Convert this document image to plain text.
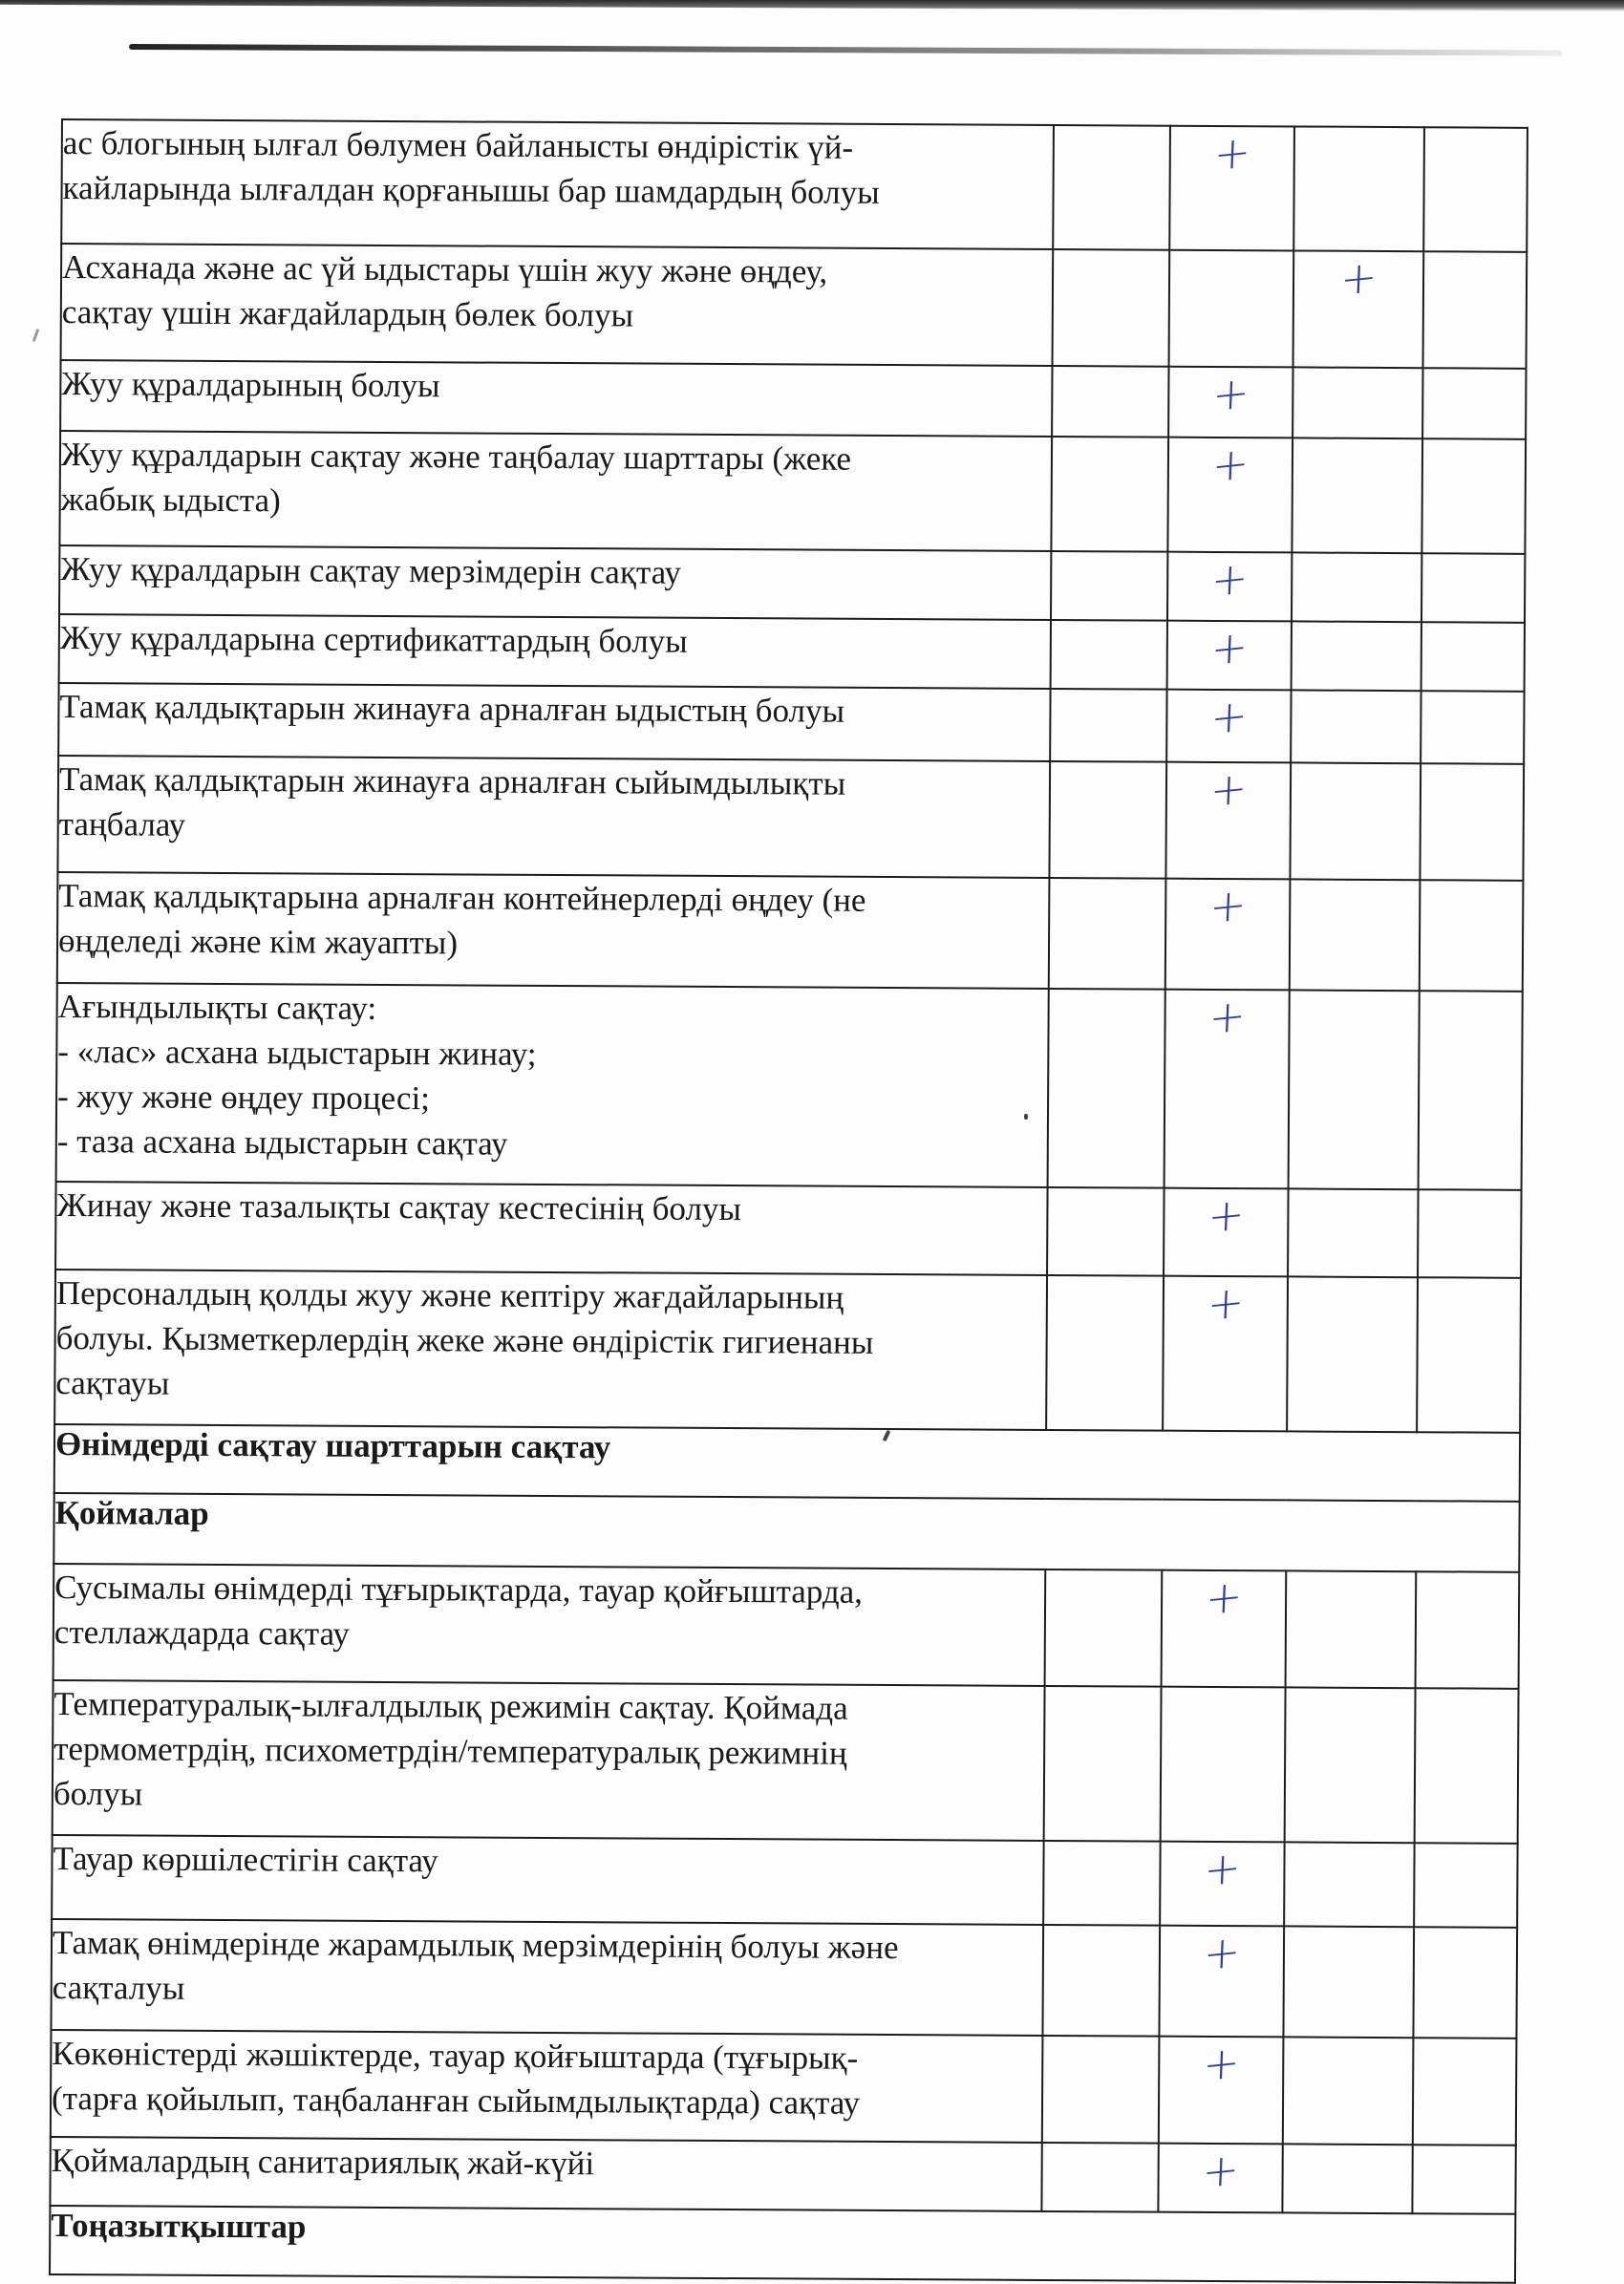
ас блогының ылғал бөлумен байланысты өндірістік үй-
кайларында ылғалдан қорғанышы бар шамдардың болуы		+		

Асханада және ас үй ыдыстары үшін жуу және өңдеу,
сақтау үшін жағдайлардың бөлек болуы			+	

Жуу құралдарының болуы		+		

Жуу құралдарын сақтау және таңбалау шарттары (жеке
жабық ыдыста)		+		

Жуу құралдарын сақтау мерзімдерін сақтау		+		

Жуу құралдарына сертификаттардың болуы		+		

Тамақ қалдықтарын жинауға арналған ыдыстың болуы		+		

Тамақ қалдықтарын жинауға арналған сыйымдылықты
таңбалау		+		

Тамақ қалдықтарына арналған контейнерлерді өңдеу (не
өңделеді және кім жауапты)		+		

Ағындылықты сақтау:
- «лас» асхана ыдыстарын жинау;
- жуу және өңдеу процесі;
- таза асхана ыдыстарын сақтау		+		

Жинау және тазалықты сақтау кестесінің болуы		+		

Персоналдың қолды жуу және кептіру жағдайларының
болуы. Қызметкерлердің жеке және өндірістік гигиенаны
сақтауы		+		
Өнімдерді сақтау шарттарын сақтау				
Қоймалар				

Сусымалы өнімдерді тұғырықтарда, тауар қойғыштарда,
стеллаждарда сақтау		+		

Температуралық-ылғалдылық режимін сақтау. Қоймада
термометрдің, психометрдін/температуралық режимнің
болуы				

Тауар көршілестігін сақтау		+		

Тамақ өнімдерінде жарамдылық мерзімдерінің болуы және
сақталуы		+		

Көкөністерді жәшіктерде, тауар қойғыштарда (тұғырық-
(тарға қойылып, таңбаланған сыйымдылықтарда) сақтау		+		

Қоймалардың санитариялық жай-күйі		+		
Тоңазытқыштар				
